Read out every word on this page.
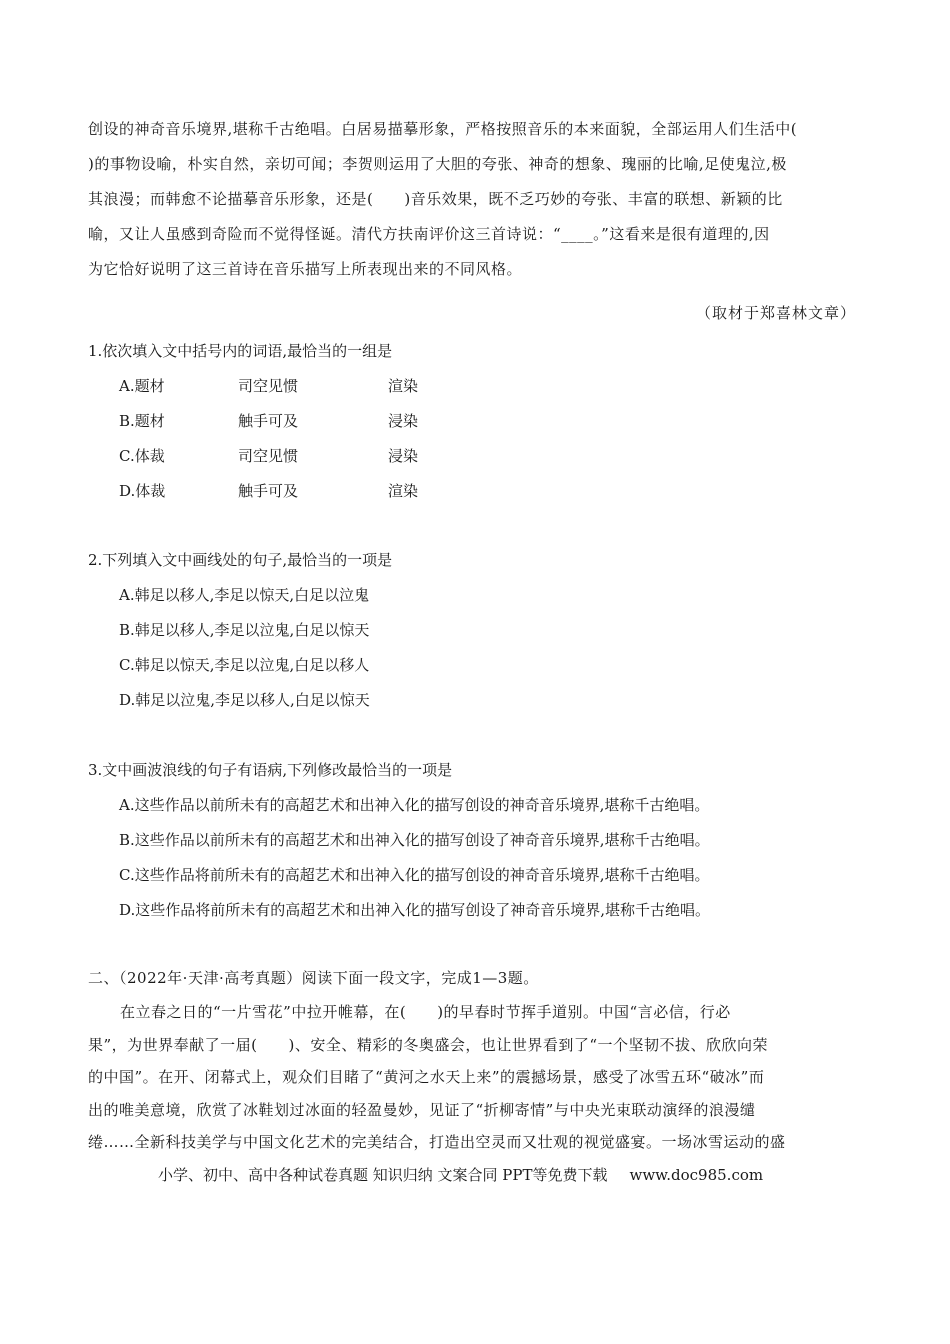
创设的神奇音乐境界,堪称千古绝唱。白居易描摹形象，严格按照音乐的本来面貌，全部运用人们生活中(
)的事物设喻，朴实自然，亲切可闻；李贺则运用了大胆的夸张、神奇的想象、瑰丽的比喻,足使鬼泣,极
其浪漫；而韩愈不论描摹音乐形象，还是(　　)音乐效果，既不乏巧妙的夸张、丰富的联想、新颖的比
喻，又让人虽感到奇险而不觉得怪诞。清代方扶南评价这三首诗说：“____。”这看来是很有道理的,因
为它恰好说明了这三首诗在音乐描写上所表现出来的不同风格。
（取材于郑喜林文章）
1.依次填入文中括号内的词语,最恰当的一组是
A.题材	司空见惯	渲染
B.题材	触手可及	浸染
C.体裁	司空见惯	浸染
D.体裁	触手可及	渲染
2.下列填入文中画线处的句子,最恰当的一项是
A.韩足以移人,李足以惊天,白足以泣鬼
B.韩足以移人,李足以泣鬼,白足以惊天
C.韩足以惊天,李足以泣鬼,白足以移人
D.韩足以泣鬼,李足以移人,白足以惊天
3.文中画波浪线的句子有语病,下列修改最恰当的一项是
A.这些作品以前所未有的高超艺术和出神入化的描写创设的神奇音乐境界,堪称千古绝唱。
B.这些作品以前所未有的高超艺术和出神入化的描写创设了神奇音乐境界,堪称千古绝唱。
C.这些作品将前所未有的高超艺术和出神入化的描写创设的神奇音乐境界,堪称千古绝唱。
D.这些作品将前所未有的高超艺术和出神入化的描写创设了神奇音乐境界,堪称千古绝唱。
二、（2022年·天津·高考真题）阅读下面一段文字，完成1—3题。
在立春之日的“一片雪花”中拉开帷幕，在(　　)的早春时节挥手道别。中国“言必信，行必
果”，为世界奉献了一届(　　)、安全、精彩的冬奥盛会，也让世界看到了“一个坚韧不拔、欣欣向荣
的中国”。在开、闭幕式上，观众们目睹了“黄河之水天上来”的震撼场景，感受了冰雪五环“破冰”而
出的唯美意境，欣赏了冰鞋划过冰面的轻盈曼妙，见证了“折柳寄情”与中央光束联动演绎的浪漫缱
绻……全新科技美学与中国文化艺术的完美结合，打造出空灵而又壮观的视觉盛宴。一场冰雪运动的盛
小学、初中、高中各种试卷真题 知识归纳 文案合同 PPT等免费下载 www.doc985.com
